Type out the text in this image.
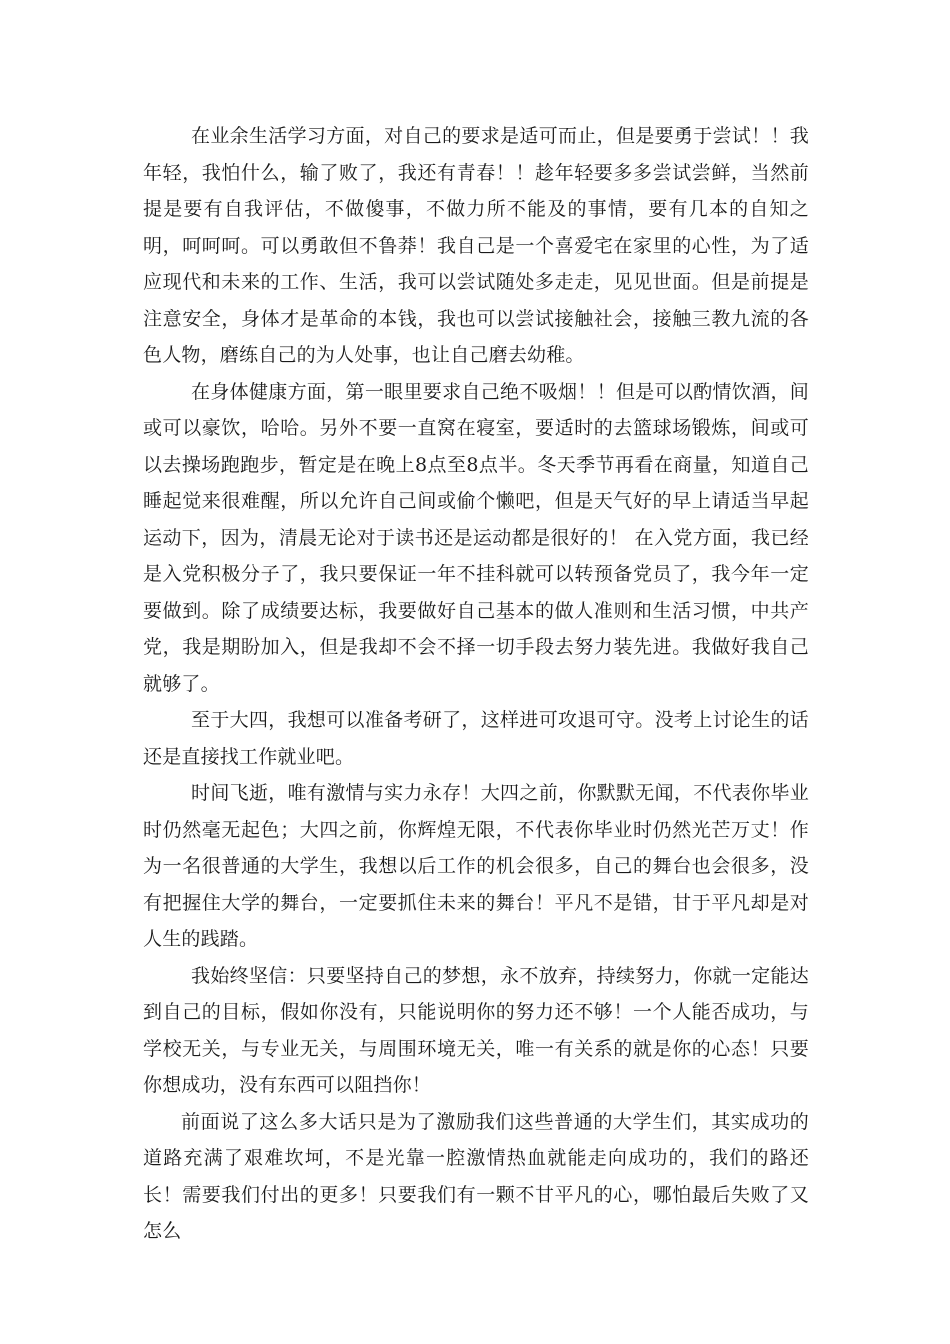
在业余生活学习方面，对自己的要求是适可而止，但是要勇于尝试！！我年轻，我怕什么，输了败了，我还有青春！！趁年轻要多多尝试尝鲜，当然前提是要有自我评估，不做傻事，不做力所不能及的事情，要有几本的自知之明，呵呵呵。可以勇敢但不鲁莽！我自己是一个喜爱宅在家里的心性，为了适应现代和未来的工作、生活，我可以尝试随处多走走，见见世面。但是前提是注意安全，身体才是革命的本钱，我也可以尝试接触社会，接触三教九流的各色人物，磨练自己的为人处事，也让自己磨去幼稚。

在身体健康方面，第一眼里要求自己绝不吸烟！！但是可以酌情饮酒，间或可以豪饮，哈哈。另外不要一直窝在寝室，要适时的去篮球场锻炼，间或可以去操场跑跑步，暂定是在晚上8点至8点半。冬天季节再看在商量，知道自己睡起觉来很难醒，所以允许自己间或偷个懒吧，但是天气好的早上请适当早起运动下，因为，清晨无论对于读书还是运动都是很好的！ 在入党方面，我已经是入党积极分子了，我只要保证一年不挂科就可以转预备党员了，我今年一定要做到。除了成绩要达标，我要做好自己基本的做人准则和生活习惯，中共产党，我是期盼加入，但是我却不会不择一切手段去努力装先进。我做好我自己就够了。

至于大四，我想可以准备考研了，这样进可攻退可守。没考上讨论生的话还是直接找工作就业吧。

时间飞逝，唯有激情与实力永存！大四之前，你默默无闻，不代表你毕业时仍然毫无起色；大四之前，你辉煌无限，不代表你毕业时仍然光芒万丈！作为一名很普通的大学生，我想以后工作的机会很多，自己的舞台也会很多，没有把握住大学的舞台，一定要抓住未来的舞台！平凡不是错，甘于平凡却是对人生的践踏。

我始终坚信：只要坚持自己的梦想，永不放弃，持续努力，你就一定能达到自己的目标，假如你没有，只能说明你的努力还不够！一个人能否成功，与学校无关，与专业无关，与周围环境无关，唯一有关系的就是你的心态！只要你想成功，没有东西可以阻挡你！

前面说了这么多大话只是为了激励我们这些普通的大学生们，其实成功的道路充满了艰难坎坷，不是光靠一腔激情热血就能走向成功的，我们的路还长！需要我们付出的更多！只要我们有一颗不甘平凡的心，哪怕最后失败了又怎么
